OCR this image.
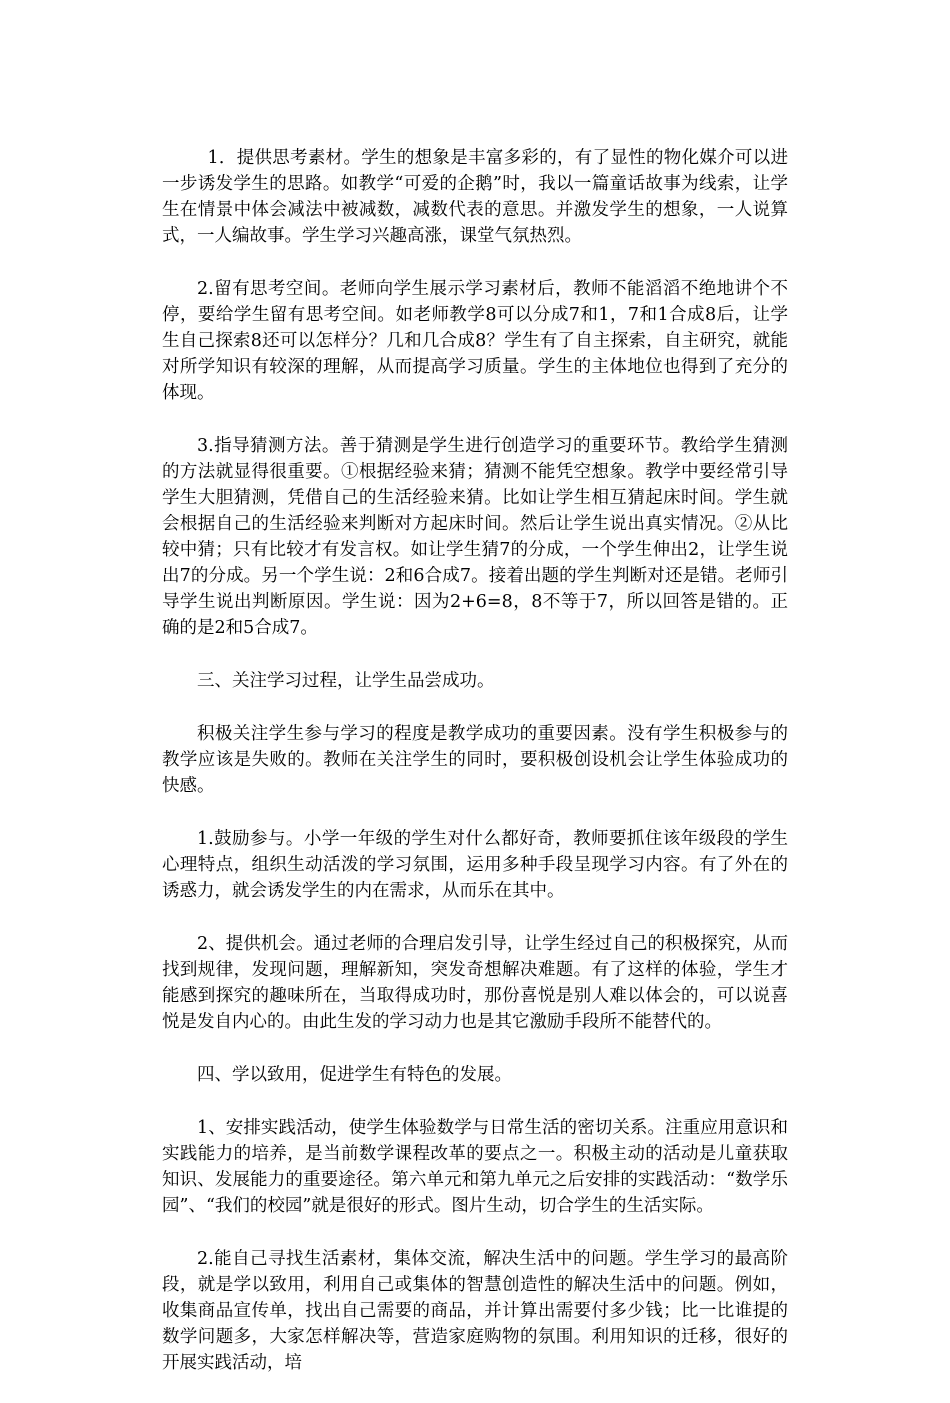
1．提供思考素材。学生的想象是丰富多彩的，有了显性的物化媒介可以进一步诱发学生的思路。如教学“可爱的企鹅”时，我以一篇童话故事为线索，让学生在情景中体会减法中被减数，减数代表的意思。并激发学生的想象，一人说算式，一人编故事。学生学习兴趣高涨，课堂气氛热烈。

2.留有思考空间。老师向学生展示学习素材后，教师不能滔滔不绝地讲个不停，要给学生留有思考空间。如老师教学8可以分成7和1，7和1合成8后，让学生自己探索8还可以怎样分？几和几合成8？学生有了自主探索，自主研究，就能对所学知识有较深的理解，从而提高学习质量。学生的主体地位也得到了充分的体现。

3.指导猜测方法。善于猜测是学生进行创造学习的重要环节。教给学生猜测的方法就显得很重要。①根据经验来猜；猜测不能凭空想象。教学中要经常引导学生大胆猜测，凭借自己的生活经验来猜。比如让学生相互猜起床时间。学生就会根据自己的生活经验来判断对方起床时间。然后让学生说出真实情况。②从比较中猜；只有比较才有发言权。如让学生猜7的分成，一个学生伸出2，让学生说出7的分成。另一个学生说：2和6合成7。接着出题的学生判断对还是错。老师引导学生说出判断原因。学生说：因为2+6=8，8不等于7，所以回答是错的。正确的是2和5合成7。

三、关注学习过程，让学生品尝成功。

积极关注学生参与学习的程度是教学成功的重要因素。没有学生积极参与的教学应该是失败的。教师在关注学生的同时，要积极创设机会让学生体验成功的快感。

1.鼓励参与。小学一年级的学生对什么都好奇，教师要抓住该年级段的学生心理特点，组织生动活泼的学习氛围，运用多种手段呈现学习内容。有了外在的诱惑力，就会诱发学生的内在需求，从而乐在其中。

2、提供机会。通过老师的合理启发引导，让学生经过自己的积极探究，从而找到规律，发现问题，理解新知，突发奇想解决难题。有了这样的体验，学生才能感到探究的趣味所在，当取得成功时，那份喜悦是别人难以体会的，可以说喜悦是发自内心的。由此生发的学习动力也是其它激励手段所不能替代的。

四、学以致用，促进学生有特色的发展。

1、安排实践活动，使学生体验数学与日常生活的密切关系。注重应用意识和实践能力的培养，是当前数学课程改革的要点之一。积极主动的活动是儿童获取知识、发展能力的重要途径。第六单元和第九单元之后安排的实践活动：“数学乐园”、“我们的校园”就是很好的形式。图片生动，切合学生的生活实际。

2.能自己寻找生活素材，集体交流，解决生活中的问题。学生学习的最高阶段，就是学以致用，利用自己或集体的智慧创造性的解决生活中的问题。例如，收集商品宣传单，找出自己需要的商品，并计算出需要付多少钱；比一比谁提的数学问题多，大家怎样解决等，营造家庭购物的氛围。利用知识的迁移，很好的开展实践活动，培
